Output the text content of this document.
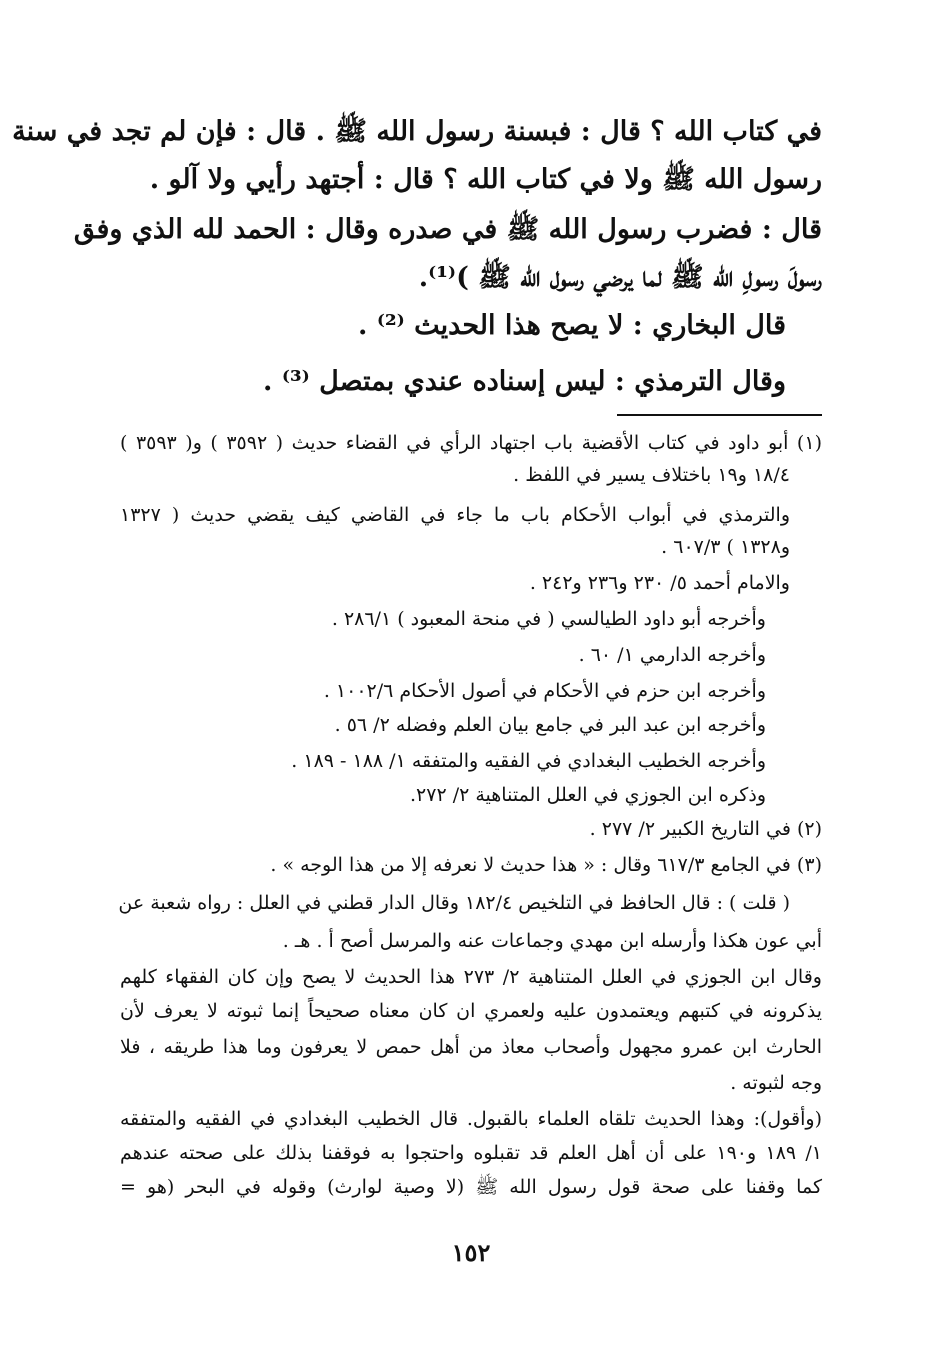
في كتاب الله ؟ قال : فبسنة رسول الله ﷺ . قال : فإن لم تجد في سنة

رسول الله ﷺ ولا في كتاب الله ؟ قال : أجتهد رأيي ولا آلو .

قال : فضرب رسول الله ﷺ في صدره وقال : الحمد لله الذي وفق

رسولَ رسولِ الله ﷺ لما يرضي رسول الله ﷺ )⁽¹⁾.

قال البخاري : لا يصح هذا الحديث ⁽²⁾ .

وقال الترمذي : ليس إسناده عندي بمتصل ⁽³⁾ .

(١) أبو داود في كتاب الأقضية باب اجتهاد الرأي في القضاء حديث ( ٣٥٩٢ ) و( ٣٥٩٣ )

١٨/٤ و١٩ باختلاف يسير في اللفظ .

والترمذي في أبواب الأحكام باب ما جاء في القاضي كيف يقضي حديث ( ١٣٢٧

و١٣٢٨ ) ٦٠٧/٣ .

والامام أحمد ٥/ ٢٣٠ و٢٣٦ و٢٤٢ .

وأخرجه أبو داود الطيالسي ( في منحة المعبود ) ٢٨٦/١ .

وأخرجه الدارمي ١/ ٦٠ .

وأخرجه ابن حزم في الأحكام في أصول الأحكام ١٠٠٢/٦ .

وأخرجه ابن عبد البر في جامع بيان العلم وفضله ٢/ ٥٦ .

وأخرجه الخطيب البغدادي في الفقيه والمتفقه ١/ ١٨٨ - ١٨٩ .

وذكره ابن الجوزي في العلل المتناهية ٢/ ٢٧٢.

(٢) في التاريخ الكبير ٢/ ٢٧٧ .

(٣) في الجامع ٦١٧/٣ وقال : « هذا حديث لا نعرفه إلا من هذا الوجه » .

( قلت ) : قال الحافظ في التلخيص ١٨٢/٤ وقال الدار قطني في العلل : رواه شعبة عن

أبي عون هكذا وأرسله ابن مهدي وجماعات عنه والمرسل أصح أ . هـ .

وقال ابن الجوزي في العلل المتناهية ٢/ ٢٧٣ هذا الحديث لا يصح وإن كان الفقهاء كلهم

يذكرونه في كتبهم ويعتمدون عليه ولعمري ان كان معناه صحيحاً إنما ثبوته لا يعرف لأن

الحارث ابن عمرو مجهول وأصحاب معاذ من أهل حمص لا يعرفون وما هذا طريقه ، فلا

وجه لثبوته .

(وأقول): وهذا الحديث تلقاه العلماء بالقبول. قال الخطيب البغدادي في الفقيه والمتفقه

١/ ١٨٩ و١٩٠ على أن أهل العلم قد تقبلوه واحتجوا به فوقفنا بذلك على صحته عندهم

كما وقفنا على صحة قول رسول الله ﷺ (لا وصية لوارث) وقوله في البحر (هو =

١٥٢
